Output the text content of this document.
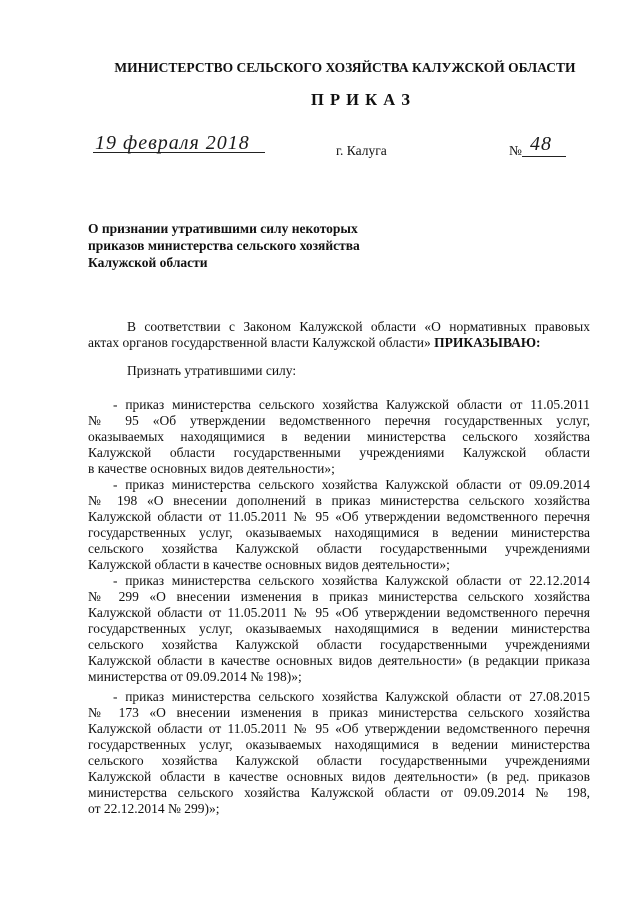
МИНИСТЕРСТВО СЕЛЬСКОГО ХОЗЯЙСТВА КАЛУЖСКОЙ ОБЛАСТИ
П Р И К А З
19 февраля 2018	г. Калуга	№ 48
О признании утратившими силу некоторых
приказов министерства сельского хозяйства
Калужской области
В соответствии с Законом Калужской области «О нормативных правовых
актах органов государственной власти Калужской области» ПРИКАЗЫВАЮ:
Признать утратившими силу:
- приказ министерства сельского хозяйства Калужской области от 11.05.2011
№ 95 «Об утверждении ведомственного перечня государственных услуг,
оказываемых находящимися в ведении министерства сельского хозяйства
Калужской области государственными учреждениями Калужской области
в качестве основных видов деятельности»;
- приказ министерства сельского хозяйства Калужской области от 09.09.2014
№ 198 «О внесении дополнений в приказ министерства сельского хозяйства
Калужской области от 11.05.2011 № 95 «Об утверждении ведомственного перечня
государственных услуг, оказываемых находящимися в ведении министерства
сельского хозяйства Калужской области государственными учреждениями
Калужской области в качестве основных видов деятельности»;
- приказ министерства сельского хозяйства Калужской области от 22.12.2014
№ 299 «О внесении изменения в приказ министерства сельского хозяйства
Калужской области от 11.05.2011 № 95 «Об утверждении ведомственного перечня
государственных услуг, оказываемых находящимися в ведении министерства
сельского хозяйства Калужской области государственными учреждениями
Калужской области в качестве основных видов деятельности» (в редакции приказа
министерства от 09.09.2014 № 198)»;
- приказ министерства сельского хозяйства Калужской области от 27.08.2015
№ 173 «О внесении изменения в приказ министерства сельского хозяйства
Калужской области от 11.05.2011 № 95 «Об утверждении ведомственного перечня
государственных услуг, оказываемых находящимися в ведении министерства
сельского хозяйства Калужской области государственными учреждениями
Калужской области в качестве основных видов деятельности» (в ред. приказов
министерства сельского хозяйства Калужской области от 09.09.2014 № 198,
от 22.12.2014 № 299)»;
